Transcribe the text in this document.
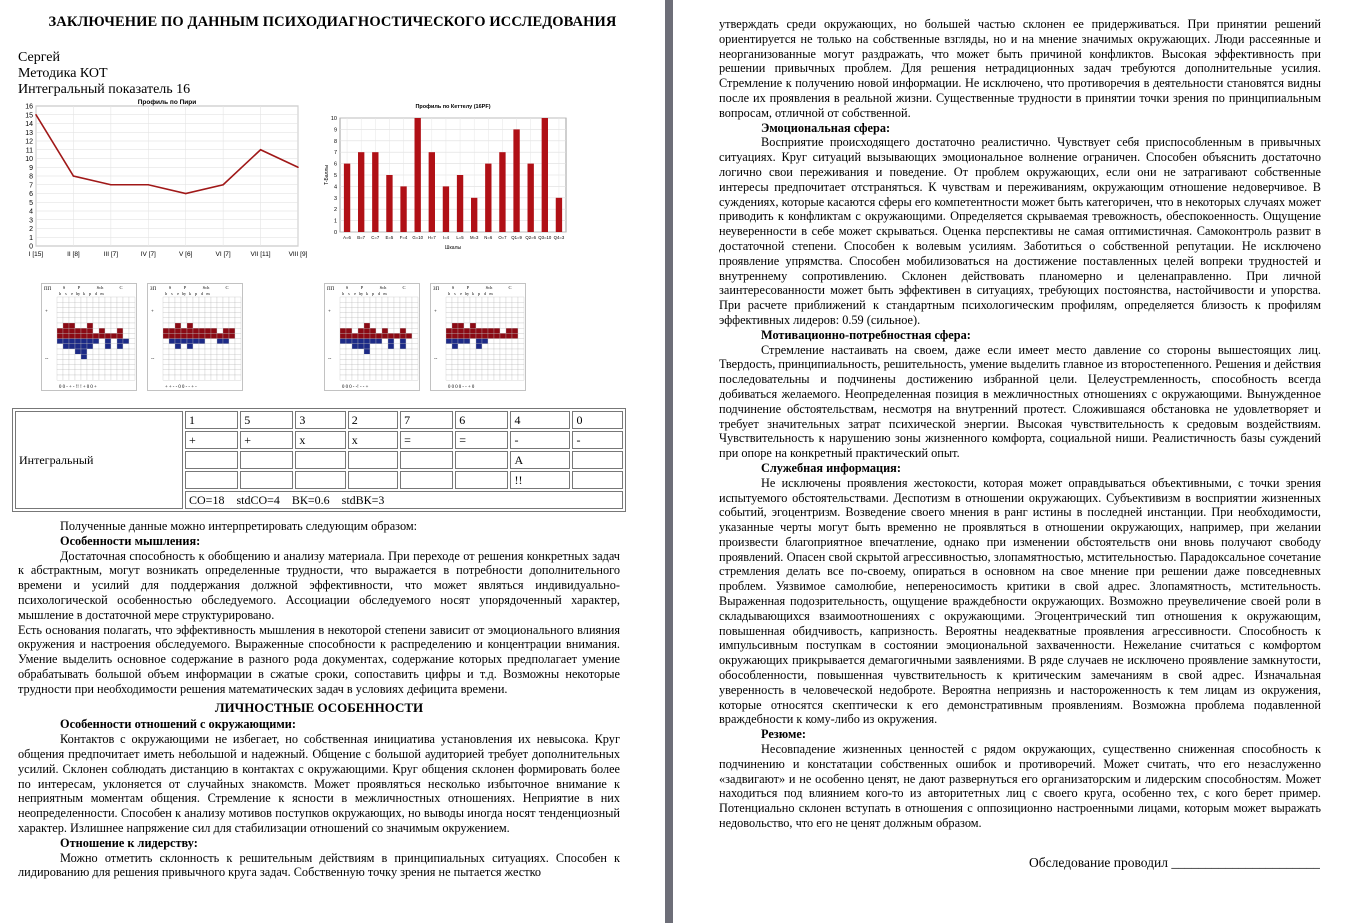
ЗАКЛЮЧЕНИЕ ПО ДАННЫМ ПСИХОДИАГНОСТИЧЕСКОГО ИССЛЕДОВАНИЯ
Сергей
Методика КОТ
Интегральный показатель 16
Профиль по Пири
0
1
2
3
4
5
6
7
8
9
10
11
12
13
14
15
16
I [15]	II [8]	III [7]	IV [7]	V [6]	VI [7]	VII [11]	VIII [9]
Профиль по Кеттелу (16PF)
0
1
2
3
4
5
6
7
8
9
10
A=6 B=7 C=7 E=5 F=4 G=10 H=7 I=4 L=5 M=3 N=6 O=7 Q1=9 Q2=6 Q3=10 Q4=3
Шкалы
T-Баллы
ПП	S	P	Sch	C
h s e hy k p d m
+
--
0 0 - + - !! ! + 0 0 +
ЗП	S	P	Sch	C
h s e hy k p d m
+
--
+ + - - 0 0 - - + -
ПП	S	P	Sch	C
h s e hy k p d m
+
--
0 0 0 - -! - - +
ЗП	S	P	Sch	C
h s e hy k p d m
+
--
0 0 0 0 - - + 0
Интегральный	1	5	3	2	7	6	4	0
	+	+	x	x	=	=	-	-
							А	
							!!	
	СО=18    stdCO=4    ВК=0.6    stdВК=3							

Полученные данные можно интерпретировать следующим образом:

Особенности мышления:

Достаточная способность к обобщению и анализу материала. При переходе от решения конкретных задач к абстрактным, могут возникать определенные трудности, что выражается в потребности дополнительного времени и усилий для поддержания должной эффективности, что может являться индивидуально-психологической особенностью обследуемого. Ассоциации обследуемого носят упорядоченный характер, мышление в достаточной мере структурировано.

Есть основания полагать, что эффективность мышления в некоторой степени зависит от эмоционального влияния окружения и настроения обследуемого. Выраженные способности к распределению и концентрации внимания. Умение выделить основное содержание в разного рода документах, содержание которых предполагает умение обрабатывать большой объем информации в сжатые сроки, сопоставить цифры и т.д. Возможны некоторые трудности при необходимости решения математических задач в условиях дефицита времени.

ЛИЧНОСТНЫЕ ОСОБЕННОСТИ
Особенности отношений с окружающими:

Контактов с окружающими не избегает, но собственная инициатива установления их невысока. Круг общения предпочитает иметь небольшой и надежный. Общение с большой аудиторией требует дополнительных усилий. Склонен соблюдать дистанцию в контактах с окружающими. Круг общения склонен формировать более по интересам, уклоняется от случайных знакомств. Может проявляться несколько избыточное внимание к неприятным моментам общения. Стремление к ясности в межличностных отношениях. Неприятие в них неопределенности. Способен к анализу мотивов поступков окружающих, но выводы иногда носят тенденциозный характер. Излишнее напряжение сил для стабилизации отношений со значимым окружением.

Отношение к лидерству:

Можно отметить склонность к решительным действиям в принципиальных ситуациях. Способен к лидированию для решения привычного круга задач. Собственную точку зрения не пытается жестко

утверждать среди окружающих, но большей частью склонен ее придерживаться. При принятии решений ориентируется не только на собственные взгляды, но и на мнение значимых окружающих. Люди рассеянные и неорганизованные могут раздражать, что может быть причиной конфликтов. Высокая эффективность при решении привычных проблем. Для решения нетрадиционных задач требуются дополнительные усилия. Стремление к получению новой информации. Не исключено, что противоречия в деятельности становятся видны после их проявления в реальной жизни. Существенные трудности в принятии точки зрения по принципиальным вопросам, отличной от собственной.

Эмоциональная сфера:

Восприятие происходящего достаточно реалистично. Чувствует себя приспособленным в привычных ситуациях. Круг ситуаций вызывающих эмоциональное волнение ограничен. Способен объяснить достаточно логично свои переживания и поведение. От проблем окружающих, если они не затрагивают собственные интересы предпочитает отстраняться. К чувствам и переживаниям, окружающим отношение недоверчивое. В суждениях, которые касаются сферы его компетентности может быть категоричен, что в некоторых случаях может приводить к конфликтам с окружающими. Определяется скрываемая тревожность, обеспокоенность. Ощущение неуверенности в себе может скрываться. Оценка перспективы не самая оптимистичная. Самоконтроль развит в достаточной степени. Способен к волевым усилиям. Заботиться о собственной репутации. Не исключено проявление упрямства. Способен мобилизоваться на достижение поставленных целей вопреки трудностей и внутреннему сопротивлению. Склонен действовать планомерно и целенаправленно. При личной заинтересованности может быть эффективен в ситуациях, требующих постоянства, настойчивости и упорства. При расчете приближений к стандартным психологическим профилям, определяется близость к профилям эффективных лидеров: 0.59 (сильное).

Мотивационно-потребностная сфера:

Стремление настаивать на своем, даже если имеет место давление со стороны вышестоящих лиц. Твердость, принципиальность, решительность, умение выделить главное из второстепенного. Решения и действия последовательны и подчинены достижению избранной цели. Целеустремленность, способность всегда добиваться желаемого. Неопределенная позиция в межличностных отношениях с окружающими. Вынужденное подчинение обстоятельствам, несмотря на внутренний протест. Сложившаяся обстановка не удовлетворяет и требует значительных затрат психической энергии. Высокая чувствительность к средовым воздействиям. Чувствительность к нарушению зоны жизненного комфорта, социальной ниши. Реалистичность базы суждений при опоре на конкретный практический опыт.

Служебная информация:

Не исключены проявления жестокости, которая может оправдываться объективными, с точки зрения испытуемого обстоятельствами. Деспотизм в отношении окружающих. Субъективизм в восприятии жизненных событий, эгоцентризм. Возведение своего мнения в ранг истины в последней инстанции. При необходимости, указанные черты могут быть временно не проявляться в отношении окружающих, например, при желании произвести благоприятное впечатление, однако при изменении обстоятельств они вновь получают свободу проявлений. Опасен свой скрытой агрессивностью, злопамятностью, мстительностью. Парадоксальное сочетание стремления делать все по-своему, опираться в основном на свое мнение при решении даже повседневных проблем. Уязвимое самолюбие, непереносимость критики в свой адрес. Злопамятность, мстительность. Выраженная подозрительность, ощущение враждебности окружающих. Возможно преувеличение своей роли в складывающихся взаимоотношениях с окружающими. Эгоцентрический тип отношения к окружающим, повышенная обидчивость, капризность. Вероятны неадекватные проявления агрессивности. Способность к импульсивным поступкам в состоянии эмоциональной захваченности. Нежелание считаться с комфортом окружающих прикрывается демагогичными заявлениями. В ряде случаев не исключено проявление замкнутости, обособленности, повышенная чувствительность к критическим замечаниям в свой адрес. Изначальная уверенность в человеческой недоброте. Вероятна неприязнь и настороженность к тем лицам из окружения, которые относятся скептически к его демонстративным проявлениям. Возможна проблема подавленной враждебности к кому-либо из окружения.

Резюме:

Несовпадение жизненных ценностей с рядом окружающих, существенно сниженная способность к подчинению и констатации собственных ошибок и противоречий. Может считать, что его незаслуженно «задвигают» и не особенно ценят, не дают развернуться его организаторским и лидерским способностям. Может находиться под влиянием кого-то из авторитетных лиц с своего круга, особенно тех, с кого берет пример. Потенциально склонен вступать в отношения с оппозиционно настроенными лицами, которым может выражать недовольство, что его не ценят должным образом.

Обследование проводил ______________________
